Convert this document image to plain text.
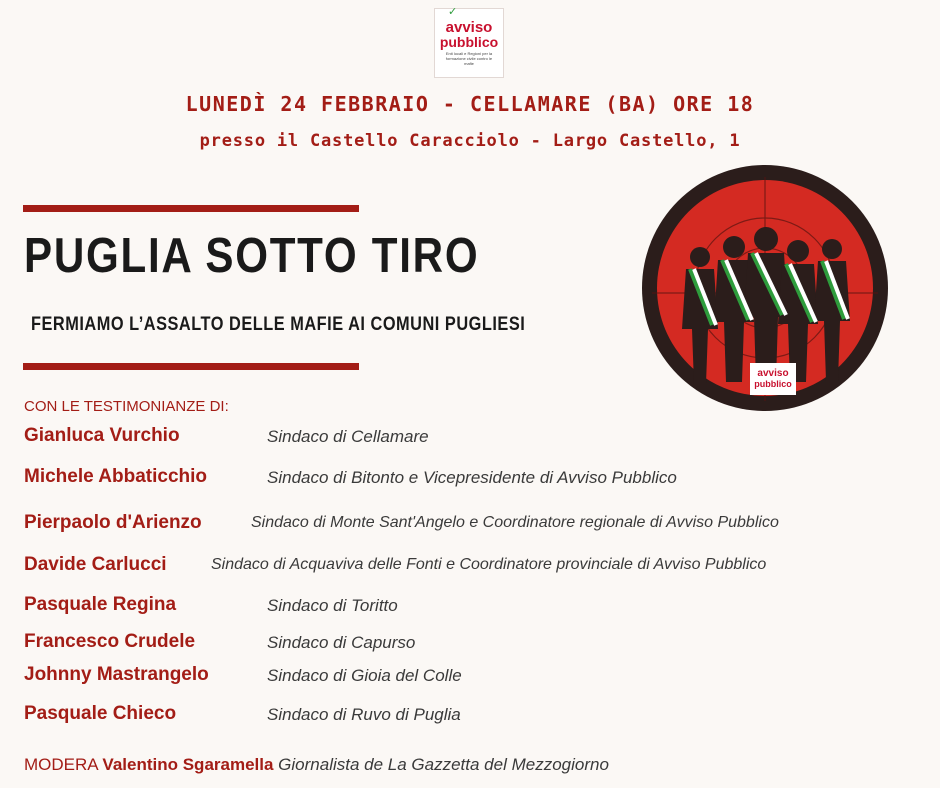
✓
avviso
pubblico
Enti locali e Regioni per la formazione civile contro le mafie
LUNEDÌ 24 FEBBRAIO - CELLAMARE (BA) ORE 18
presso il Castello Caracciolo - Largo Castello, 1
PUGLIA SOTTO TIRO
FERMIAMO L’ASSALTO DELLE MAFIE AI COMUNI PUGLIESI
avviso
pubblico
CON LE TESTIMONIANZE DI:
Gianluca Vurchio	Sindaco di Cellamare
Michele Abbaticchio	Sindaco di Bitonto e Vicepresidente di Avviso Pubblico
Pierpaolo d'Arienzo	Sindaco di Monte Sant'Angelo e Coordinatore regionale di Avviso Pubblico
Davide Carlucci	Sindaco di Acquaviva delle Fonti e Coordinatore provinciale di Avviso Pubblico
Pasquale Regina	Sindaco di Toritto
Francesco Crudele	Sindaco di Capurso
Johnny Mastrangelo	Sindaco di Gioia del Colle
Pasquale Chieco	Sindaco di Ruvo di Puglia
MODERA Valentino Sgaramella Giornalista de La Gazzetta del Mezzogiorno
